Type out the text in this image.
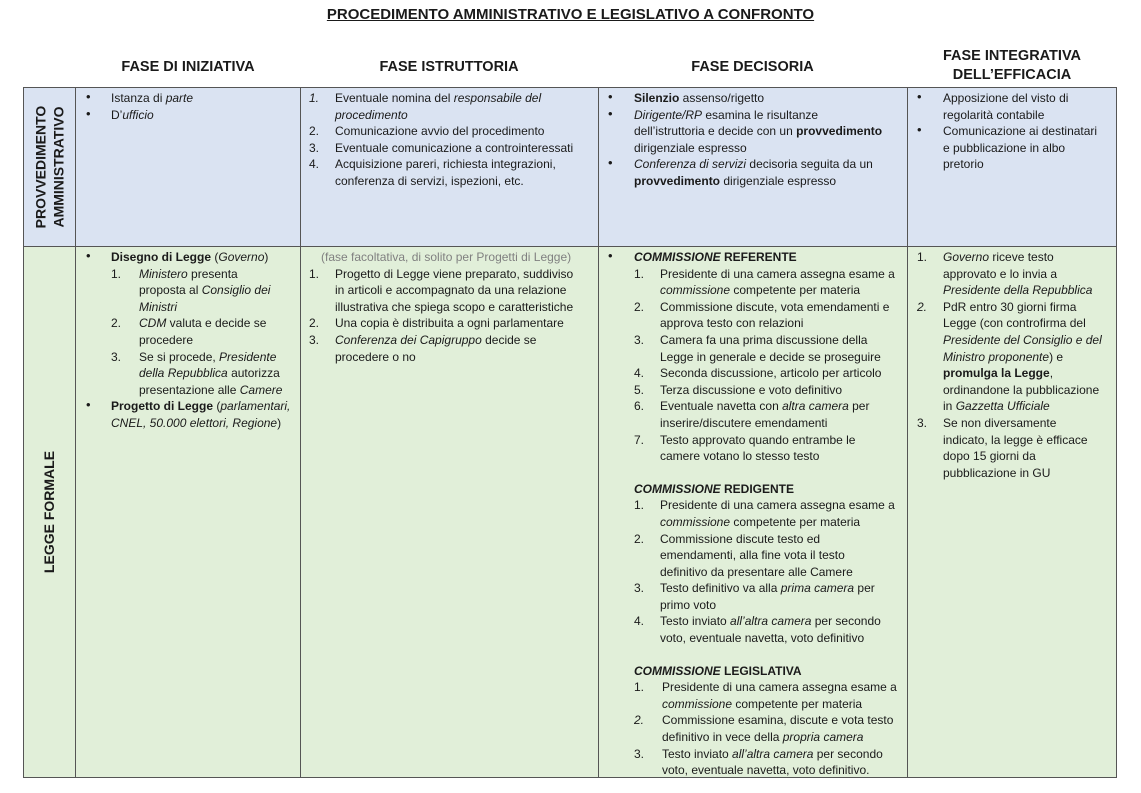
PROCEDIMENTO AMMINISTRATIVO E LEGISLATIVO A CONFRONTO
FASE DI INIZIATIVA	FASE ISTRUTTORIA	FASE DECISORIA
FASE INTEGRATIVA
DELL’EFFICACIA
PROVVEDIMENTO AMMINISTRATIVO
LEGGE FORMALE
• Istanza di parte
• D’ufficio
1. Eventuale nomina del responsabile del
procedimento
2. Comunicazione avvio del procedimento
3. Eventuale comunicazione a controinteressati
4. Acquisizione pareri, richiesta integrazioni,
conferenza di servizi, ispezioni, etc.
• Silenzio assenso/rigetto
• Dirigente/RP esamina le risultanze
dell’istruttoria e decide con un provvedimento
dirigenziale espresso
• Conferenza di servizi decisoria seguita da un
provvedimento dirigenziale espresso
• Apposizione del visto di
regolarità contabile
• Comunicazione ai destinatari
e pubblicazione in albo
pretorio
• Disegno di Legge (Governo)
1. Ministero presenta
proposta al Consiglio dei
Ministri
2. CDM valuta e decide se
procedere
3. Se si procede, Presidente
della Repubblica autorizza
presentazione alle Camere
• Progetto di Legge (parlamentari,
CNEL, 50.000 elettori, Regione)
(fase facoltativa, di solito per Progetti di Legge)
1. Progetto di Legge viene preparato, suddiviso
in articoli e accompagnato da una relazione
illustrativa che spiega scopo e caratteristiche
2. Una copia è distribuita a ogni parlamentare
3. Conferenza dei Capigruppo decide se
procedere o no
• COMMISSIONE REFERENTE
1. Presidente di una camera assegna esame a
commissione competente per materia
2. Commissione discute, vota emendamenti e
approva testo con relazioni
3. Camera fa una prima discussione della
Legge in generale e decide se proseguire
4. Seconda discussione, articolo per articolo
5. Terza discussione e voto definitivo
6. Eventuale navetta con altra camera per
inserire/discutere emendamenti
7. Testo approvato quando entrambe le
camere votano lo stesso testo
COMMISSIONE REDIGENTE
1. Presidente di una camera assegna esame a
commissione competente per materia
2. Commissione discute testo ed
emendamenti, alla fine vota il testo
definitivo da presentare alle Camere
3. Testo definitivo va alla prima camera per
primo voto
4. Testo inviato all’altra camera per secondo
voto, eventuale navetta, voto definitivo
COMMISSIONE LEGISLATIVA
1. Presidente di una camera assegna esame a
commissione competente per materia
2. Commissione esamina, discute e vota testo
definitivo in vece della propria camera
3. Testo inviato all’altra camera per secondo
voto, eventuale navetta, voto definitivo.
1. Governo riceve testo
approvato e lo invia a
Presidente della Repubblica
2. PdR entro 30 giorni firma
Legge (con controfirma del
Presidente del Consiglio e del
Ministro proponente) e
promulga la Legge,
ordinandone la pubblicazione
in Gazzetta Ufficiale
3. Se non diversamente
indicato, la legge è efficace
dopo 15 giorni da
pubblicazione in GU
